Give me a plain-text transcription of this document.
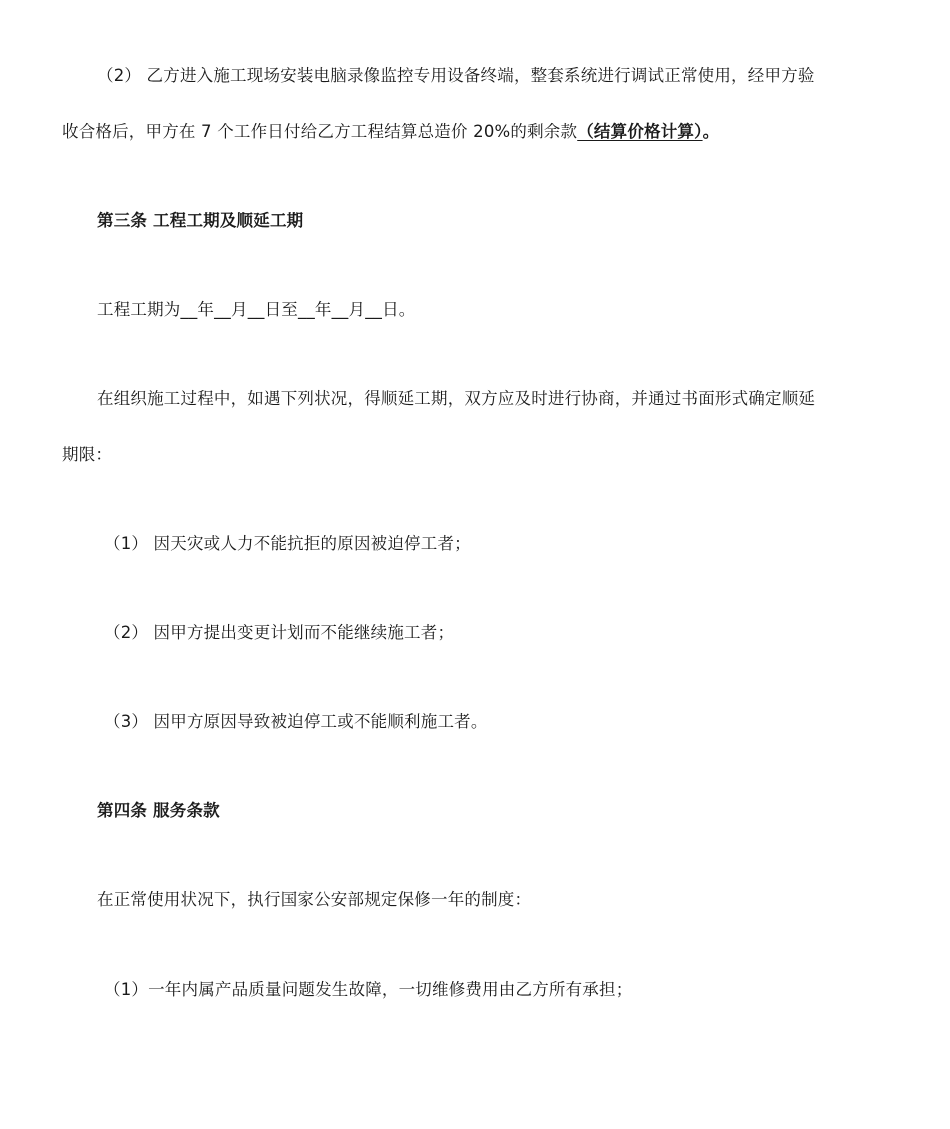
（2） 乙方进入施工现场安装电脑录像监控专用设备终端，整套系统进行调试正常使用，经甲方验
收合格后，甲方在 7 个工作日付给乙方工程结算总造价 20%的剩余款（结算价格计算）。
第三条 工程工期及顺延工期
工程工期为__年__月__日至__年__月__日。
在组织施工过程中，如遇下列状况，得顺延工期，双方应及时进行协商，并通过书面形式确定顺延
期限：
（1） 因天灾或人力不能抗拒的原因被迫停工者；
（2） 因甲方提出变更计划而不能继续施工者；
（3） 因甲方原因导致被迫停工或不能顺利施工者。
第四条 服务条款
在正常使用状况下，执行国家公安部规定保修一年的制度：
（1）一年内属产品质量问题发生故障，一切维修费用由乙方所有承担；
